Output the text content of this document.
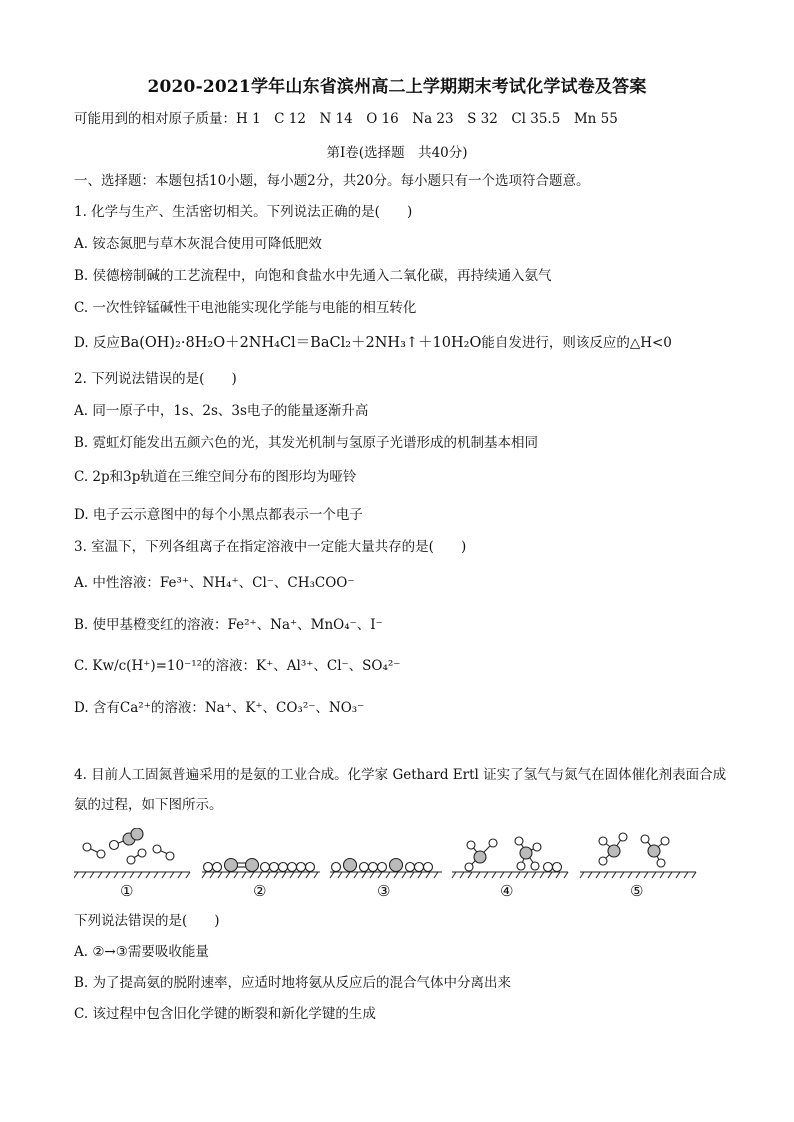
2020-2021学年山东省滨州高二上学期期末考试化学试卷及答案
可能用到的相对原子质量：H 1　C 12　N 14　O 16　Na 23　S 32　Cl 35.5　Mn 55
第I卷(选择题　共40分)
一、选择题：本题包括10小题，每小题2分，共20分。每小题只有一个选项符合题意。
1. 化学与生产、生活密切相关。下列说法正确的是(　　)
A. 铵态氮肥与草木灰混合使用可降低肥效
B. 侯德榜制碱的工艺流程中，向饱和食盐水中先通入二氧化碳，再持续通入氨气
C. 一次性锌锰碱性干电池能实现化学能与电能的相互转化
D. 反应Ba(OH)₂·8H₂O＋2NH₄Cl＝BaCl₂＋2NH₃↑＋10H₂O能自发进行，则该反应的△H<0
2. 下列说法错误的是(　　)
A. 同一原子中，1s、2s、3s电子的能量逐渐升高
B. 霓虹灯能发出五颜六色的光，其发光机制与氢原子光谱形成的机制基本相同
C. 2p和3p轨道在三维空间分布的图形均为哑铃
D. 电子云示意图中的每个小黑点都表示一个电子
3. 室温下，下列各组离子在指定溶液中一定能大量共存的是(　　)
A. 中性溶液：Fe³⁺、NH₄⁺、Cl⁻、CH₃COO⁻
B. 使甲基橙变红的溶液：Fe²⁺、Na⁺、MnO₄⁻、I⁻
C. Kw/c(H⁺)=10⁻¹²的溶液：K⁺、Al³⁺、Cl⁻、SO₄²⁻
D. 含有Ca²⁺的溶液：Na⁺、K⁺、CO₃²⁻、NO₃⁻
4. 目前人工固氮普遍采用的是氨的工业合成。化学家 Gethard Ertl 证实了氢气与氮气在固体催化剂表面合成
氨的过程，如下图所示。
①	②	③	④	⑤
下列说法错误的是(　　)
A. ②→③需要吸收能量
B. 为了提高氨的脱附速率，应适时地将氨从反应后的混合气体中分离出来
C. 该过程中包含旧化学键的断裂和新化学键的生成
